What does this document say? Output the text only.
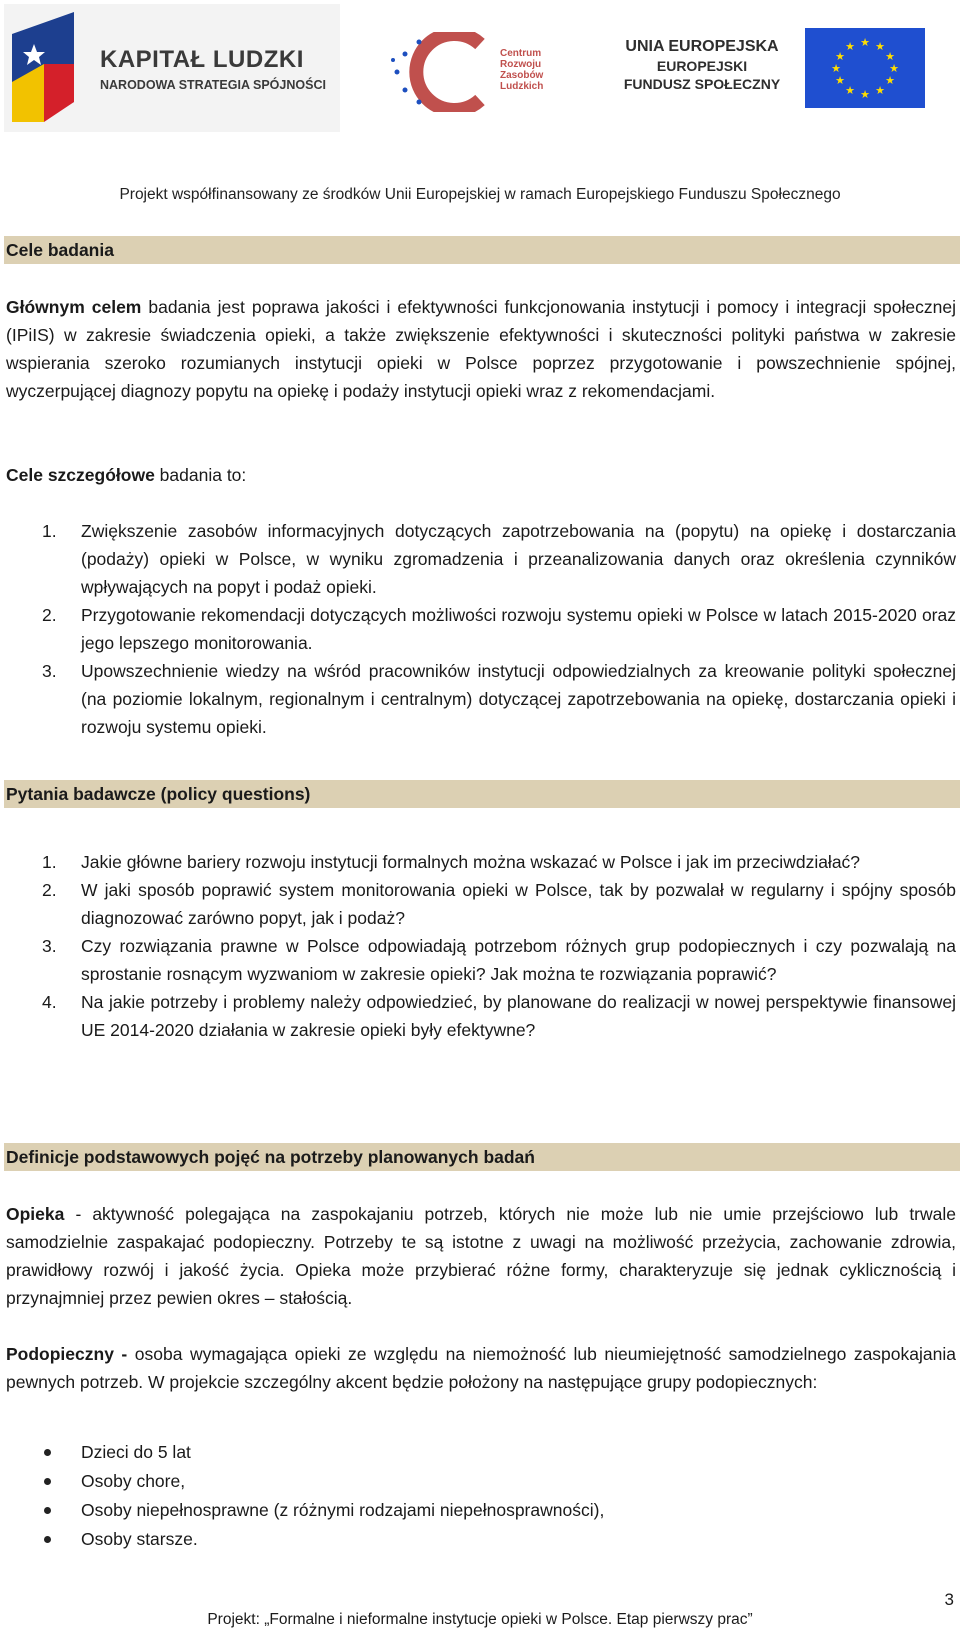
KAPITAŁ LUDZKI
NARODOWA STRATEGIA SPÓJNOŚCI
Centrum
Rozwoju
Zasobów
Ludzkich
UNIA EUROPEJSKA
EUROPEJSKI
FUNDUSZ SPOŁECZNY
★ ★
★
★
★
★
★
★
★
★
★
★
Projekt współfinansowany ze środków Unii Europejskiej w ramach Europejskiego Funduszu Społecznego
Cele badania

Głównym celem badania jest poprawa jakości i efektywności funkcjonowania instytucji i pomocy i integracji społecznej (IPiIS) w zakresie świadczenia opieki, a także zwiększenie efektywności i skuteczności polityki państwa w zakresie wspierania szeroko rozumianych instytucji opieki w Polsce poprzez przygotowanie i powszechnienie spójnej, wyczerpującej diagnozy popytu na opiekę i podaży instytucji opieki wraz z rekomendacjami.

Cele szczegółowe badania to:

1. Zwiększenie zasobów informacyjnych dotyczących zapotrzebowania na (popytu) na opiekę i dostarczania (podaży) opieki w Polsce, w wyniku zgromadzenia i przeanalizowania danych oraz określenia czynników wpływających na popyt i podaż opieki.
2. Przygotowanie rekomendacji dotyczących możliwości rozwoju systemu opieki w Polsce w latach 2015-2020 oraz jego lepszego monitorowania.
3. Upowszechnienie wiedzy na wśród pracowników instytucji odpowiedzialnych za kreowanie polityki społecznej (na poziomie lokalnym, regionalnym i centralnym) dotyczącej zapotrzebowania na opiekę, dostarczania opieki i rozwoju systemu opieki.
Pytania badawcze (policy questions)
1. Jakie główne bariery rozwoju instytucji formalnych można wskazać w Polsce i jak im przeciwdziałać?
2. W jaki sposób poprawić system monitorowania opieki w Polsce, tak by pozwalał w regularny i spójny sposób diagnozować zarówno popyt, jak i podaż?
3. Czy rozwiązania prawne w Polsce odpowiadają potrzebom różnych grup podopiecznych i czy pozwalają na sprostanie rosnącym wyzwaniom w zakresie opieki? Jak można te rozwiązania poprawić?
4. Na jakie potrzeby i problemy należy odpowiedzieć, by planowane do realizacji w nowej perspektywie finansowej UE 2014-2020 działania w zakresie opieki były efektywne?
Definicje podstawowych pojęć na potrzeby planowanych badań

Opieka - aktywność polegająca na zaspokajaniu potrzeb, których nie może lub nie umie przejściowo lub trwale samodzielnie zaspakajać podopieczny. Potrzeby te są istotne z uwagi na możliwość przeżycia, zachowanie zdrowia, prawidłowy rozwój i jakość życia. Opieka może przybierać różne formy, charakteryzuje się jednak cyklicznością i przynajmniej przez pewien okres – stałością.

Podopieczny - osoba wymagająca opieki ze względu na niemożność lub nieumiejętność samodzielnego zaspokajania pewnych potrzeb. W projekcie szczególny akcent będzie położony na następujące grupy podopiecznych:

Dzieci do 5 lat
Osoby chore,
Osoby niepełnosprawne (z różnymi rodzajami niepełnosprawności),
Osoby starsze.
3
Projekt: „Formalne i nieformalne instytucje opieki w Polsce. Etap pierwszy prac”
